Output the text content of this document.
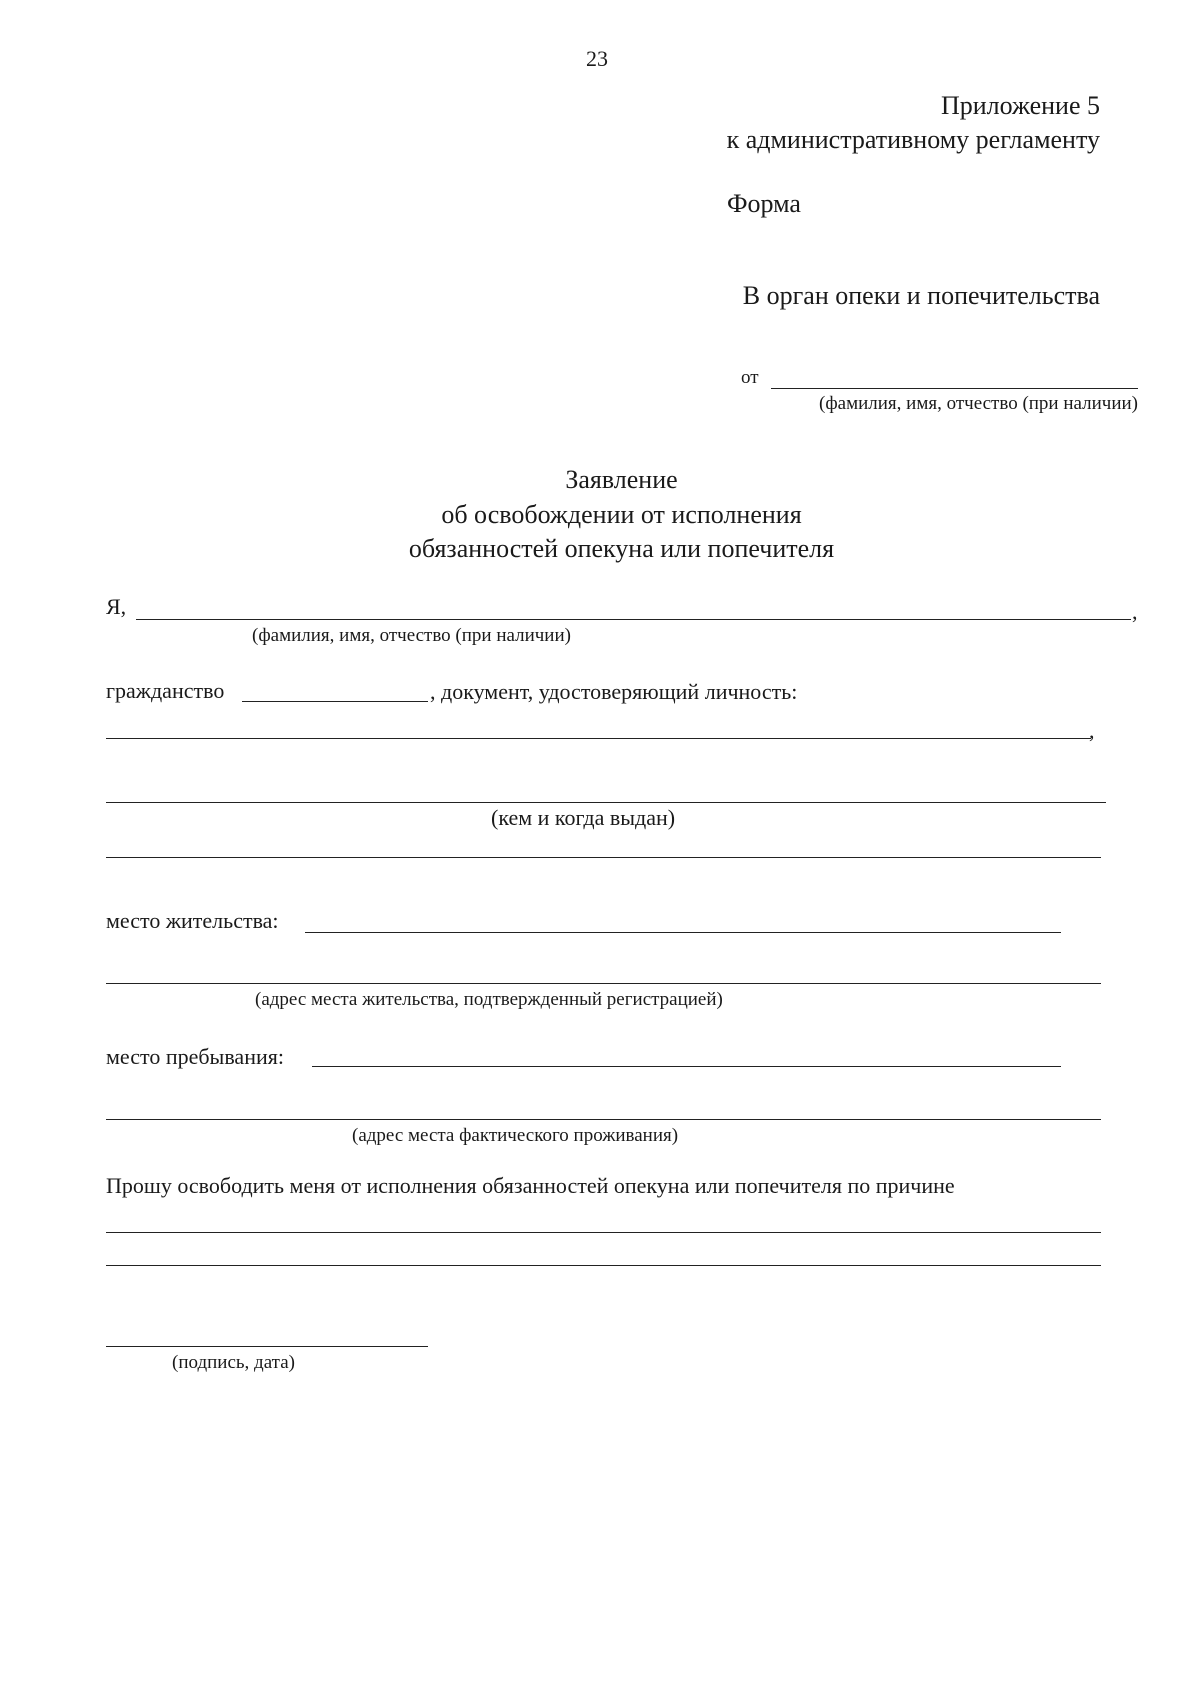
23
Приложение 5
к административному регламенту
Форма
В орган опеки и попечительства
от
(фамилия, имя, отчество (при наличии)
Заявление
об освобождении от исполнения
обязанностей опекуна или попечителя
Я,	,
(фамилия, имя, отчество (при наличии)
гражданство	, документ, удостоверяющий личность:
,
(кем и когда выдан)
место жительства:
(адрес места жительства, подтвержденный регистрацией)
место пребывания:
(адрес места фактического проживания)
Прошу освободить меня от исполнения обязанностей опекуна или попечителя по причине
(подпись, дата)
